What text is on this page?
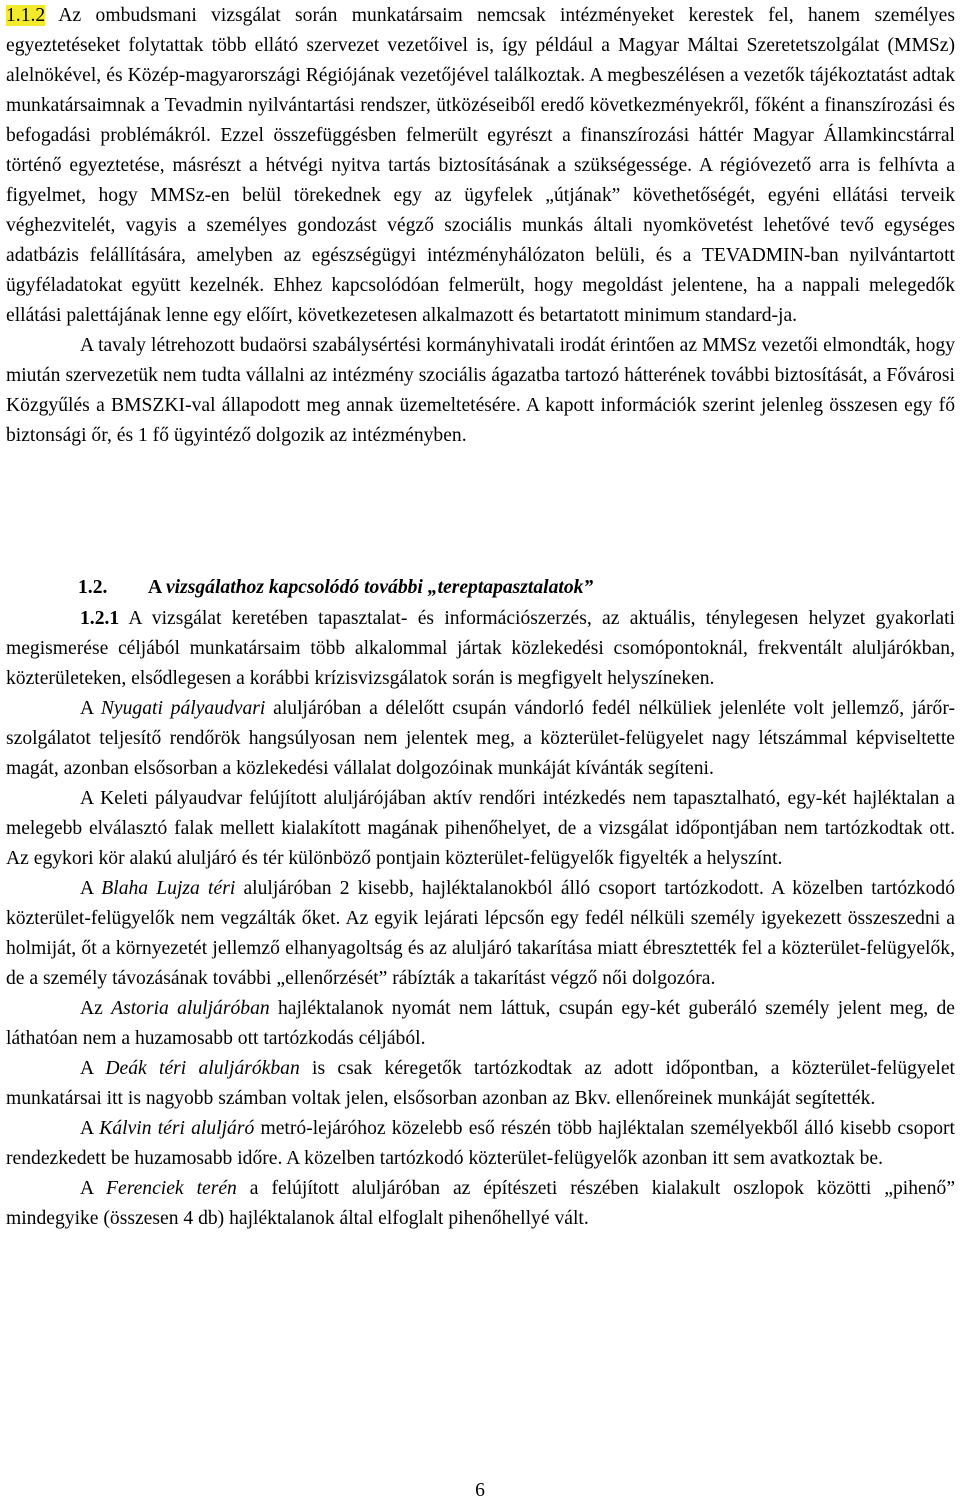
1.1.2 Az ombudsmani vizsgálat során munkatársaim nemcsak intézményeket kerestek fel, hanem személyes egyeztetéseket folytattak több ellátó szervezet vezetőivel is, így például a Magyar Máltai Szeretetszolgálat (MMSz) alelnökével, és Közép-magyarországi Régiójának vezetőjével találkoztak. A megbeszélésen a vezetők tájékoztatást adtak munkatársaimnak a Tevadmin nyilvántartási rendszer, ütközéseiből eredő következményekről, főként a finanszírozási és befogadási problémákról. Ezzel összefüggésben felmerült egyrészt a finanszírozási háttér Magyar Államkincstárral történő egyeztetése, másrészt a hétvégi nyitva tartás biztosításának a szükségessége. A régióvezető arra is felhívta a figyelmet, hogy MMSz-en belül törekednek egy az ügyfelek „útjának” követhetőségét, egyéni ellátási terveik véghezvitelét, vagyis a személyes gondozást végző szociális munkás általi nyomkövetést lehetővé tevő egységes adatbázis felállítására, amelyben az egészségügyi intézményhálózaton belüli, és a TEVADMIN-ban nyilvántartott ügyféladatokat együtt kezelnék. Ehhez kapcsolódóan felmerült, hogy megoldást jelentene, ha a nappali melegedők ellátási palettájának lenne egy előírt, következetesen alkalmazott és betartatott minimum standard-ja.

A tavaly létrehozott budaörsi szabálysértési kormányhivatali irodát érintően az MMSz vezetői elmondták, hogy miután szervezetük nem tudta vállalni az intézmény szociális ágazatba tartozó hátterének további biztosítását, a Fővárosi Közgyűlés a BMSZKI-val állapodott meg annak üzemeltetésére. A kapott információk szerint jelenleg összesen egy fő biztonsági őr, és 1 fő ügyintéző dolgozik az intézményben.

1.2. A vizsgálathoz kapcsolódó további „tereptapasztalatok”

1.2.1 A vizsgálat keretében tapasztalat- és információszerzés, az aktuális, ténylegesen helyzet gyakorlati megismerése céljából munkatársaim több alkalommal jártak közlekedési csomópontoknál, frekventált aluljárókban, közterületeken, elsődlegesen a korábbi krízisvizsgálatok során is megfigyelt helyszíneken.

A Nyugati pályaudvari aluljáróban a délelőtt csupán vándorló fedél nélküliek jelenléte volt jellemző, járőr-szolgálatot teljesítő rendőrök hangsúlyosan nem jelentek meg, a közterület-felügyelet nagy létszámmal képviseltette magát, azonban elsősorban a közlekedési vállalat dolgozóinak munkáját kívánták segíteni.

A Keleti pályaudvar felújított aluljárójában aktív rendőri intézkedés nem tapasztalható, egy-két hajléktalan a melegebb elválasztó falak mellett kialakított magának pihenőhelyet, de a vizsgálat időpontjában nem tartózkodtak ott. Az egykori kör alakú aluljáró és tér különböző pontjain közterület-felügyelők figyelték a helyszínt.

A Blaha Lujza téri aluljáróban 2 kisebb, hajléktalanokból álló csoport tartózkodott. A közelben tartózkodó közterület-felügyelők nem vegzálták őket. Az egyik lejárati lépcsőn egy fedél nélküli személy igyekezett összeszedni a holmiját, őt a környezetét jellemző elhanyagoltság és az aluljáró takarítása miatt ébresztették fel a közterület-felügyelők, de a személy távozásának további „ellenőrzését” rábízták a takarítást végző női dolgozóra.

Az Astoria aluljáróban hajléktalanok nyomát nem láttuk, csupán egy-két guberáló személy jelent meg, de láthatóan nem a huzamosabb ott tartózkodás céljából.

A Deák téri aluljárókban is csak kéregetők tartózkodtak az adott időpontban, a közterület-felügyelet munkatársai itt is nagyobb számban voltak jelen, elsősorban azonban az Bkv. ellenőreinek munkáját segítették.

A Kálvin téri aluljáró metró-lejáróhoz közelebb eső részén több hajléktalan személyekből álló kisebb csoport rendezkedett be huzamosabb időre. A közelben tartózkodó közterület-felügyelők azonban itt sem avatkoztak be.

A Ferenciek terén a felújított aluljáróban az építészeti részében kialakult oszlopok közötti „pihenő” mindegyike (összesen 4 db) hajléktalanok által elfoglalt pihenőhellyé vált.

6
